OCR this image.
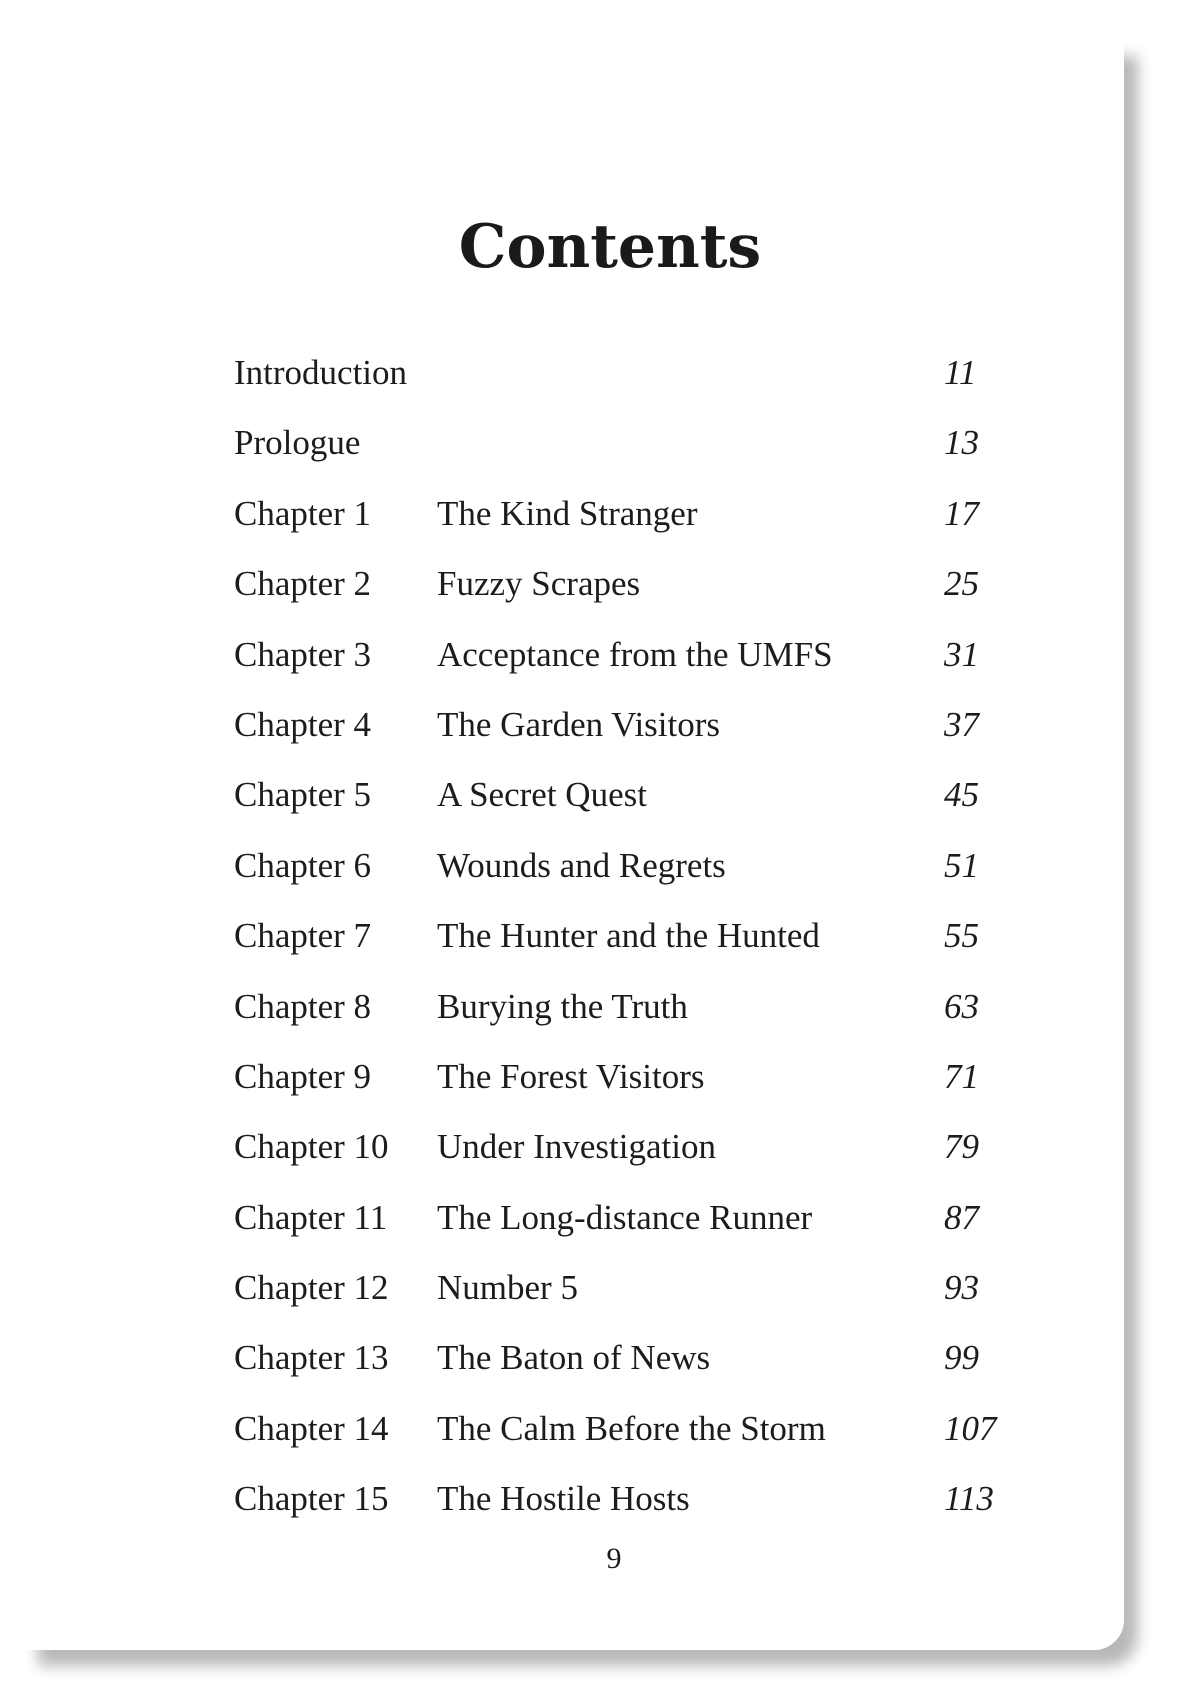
Contents
Introduction	11
Prologue	13
Chapter 1 The Kind Stranger	17
Chapter 2 Fuzzy Scrapes	25
Chapter 3 Acceptance from the UMFS	31
Chapter 4 The Garden Visitors	37
Chapter 5 A Secret Quest	45
Chapter 6 Wounds and Regrets	51
Chapter 7 The Hunter and the Hunted	55
Chapter 8 Burying the Truth	63
Chapter 9 The Forest Visitors	71
Chapter 10 Under Investigation	79
Chapter 11 The Long-distance Runner	87
Chapter 12 Number 5	93
Chapter 13 The Baton of News	99
Chapter 14 The Calm Before the Storm	107
Chapter 15 The Hostile Hosts	113
9
